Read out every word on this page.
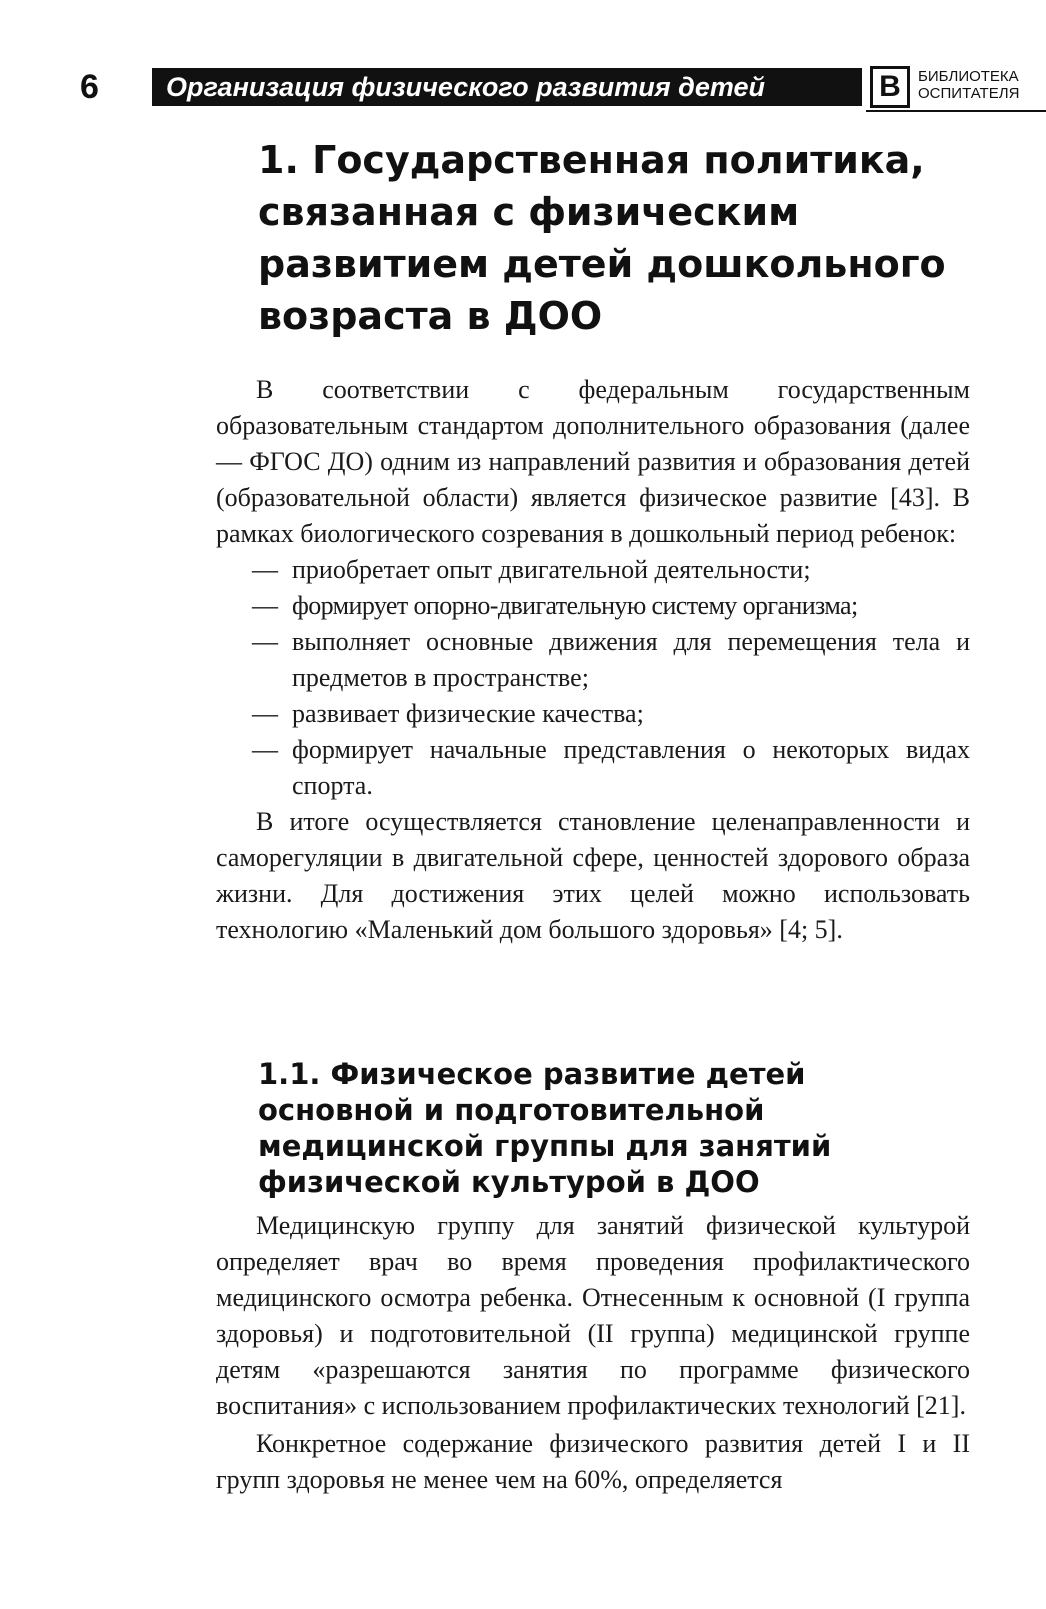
6	Организация физического развития детей	В	БИБЛИОТЕКА
ОСПИТАТЕЛЯ
1. Государственная политика,
связанная с физическим
развитием детей дошкольного
возраста в ДОО

В соответствии с федеральным государственным образовательным стандартом дополнительного образования (далее — ФГОС ДО) одним из направлений развития и образования детей (образовательной области) является физическое развитие [43]. В рамках биологического созревания в дошкольный период ребенок:

— приобретает опыт двигательной деятельности;
— формирует опорно-двигательную систему организма;
— выполняет основные движения для перемещения тела и предметов в пространстве;
— развивает физические качества;
— формирует начальные представления о некоторых видах спорта.

В итоге осуществляется становление целенаправленности и саморегуляции в двигательной сфере, ценностей здорового образа жизни. Для достижения этих целей можно использовать технологию «Маленький дом большого здоровья» [4; 5].

1.1. Физическое развитие детей
основной и подготовительной
медицинской группы для занятий
физической культурой в ДОО

Медицинскую группу для занятий физической культурой определяет врач во время проведения профилактического медицинского осмотра ребенка. Отнесенным к основной (I группа здоровья) и подготовительной (II группа) медицинской группе детям «разрешаются занятия по программе физического воспитания» с использованием профилактических технологий [21].

Конкретное содержание физического развития детей I и II групп здоровья не менее чем на 60%, определяется
